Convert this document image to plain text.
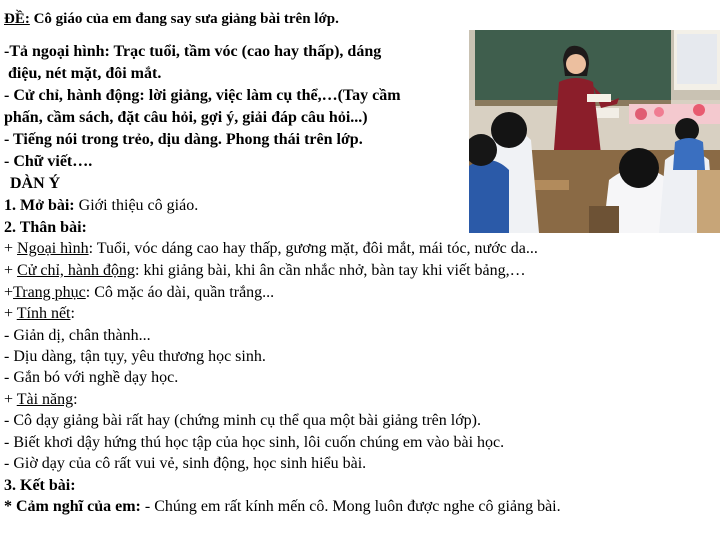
ĐỀ: Cô giáo của em đang say sưa giảng bài trên lớp.
-Tả ngoại hình: Trạc tuổi, tầm vóc (cao hay thấp), dáng
điệu, nét mặt, đôi mắt.
- Cử chỉ, hành động: lời giảng, việc làm cụ thể,…(Tay cầm
phấn, cầm sách, đặt câu hỏi, gợi ý, giải đáp câu hỏi...)
- Tiếng nói trong trẻo, dịu dàng. Phong thái trên lớp.
- Chữ viết….
DÀN Ý
1. Mở bài: Giới thiệu cô giáo.
2. Thân bài:
+ Ngoại hình: Tuổi, vóc dáng cao hay thấp, gương mặt, đôi mắt, mái tóc, nước da...
+ Cử chỉ, hành động: khi giảng bài, khi ân cần nhắc nhở, bàn tay khi viết bảng,…
+Trang phục: Cô mặc áo dài, quần trắng...
+ Tính nết:
- Giản dị, chân thành...
- Dịu dàng, tận tụy, yêu thương học sinh.
- Gắn bó với nghề dạy học.
+ Tài năng:
- Cô dạy giảng bài rất hay (chứng minh cụ thể qua một bài giảng trên lớp).
- Biết khơi dậy hứng thú học tập của học sinh, lôi cuốn chúng em vào bài học.
- Giờ dạy của cô rất vui vẻ, sinh động, học sinh hiểu bài.
3. Kết bài:
* Cảm nghĩ của em: - Chúng em rất kính mến cô. Mong luôn được nghe cô giảng bài.
